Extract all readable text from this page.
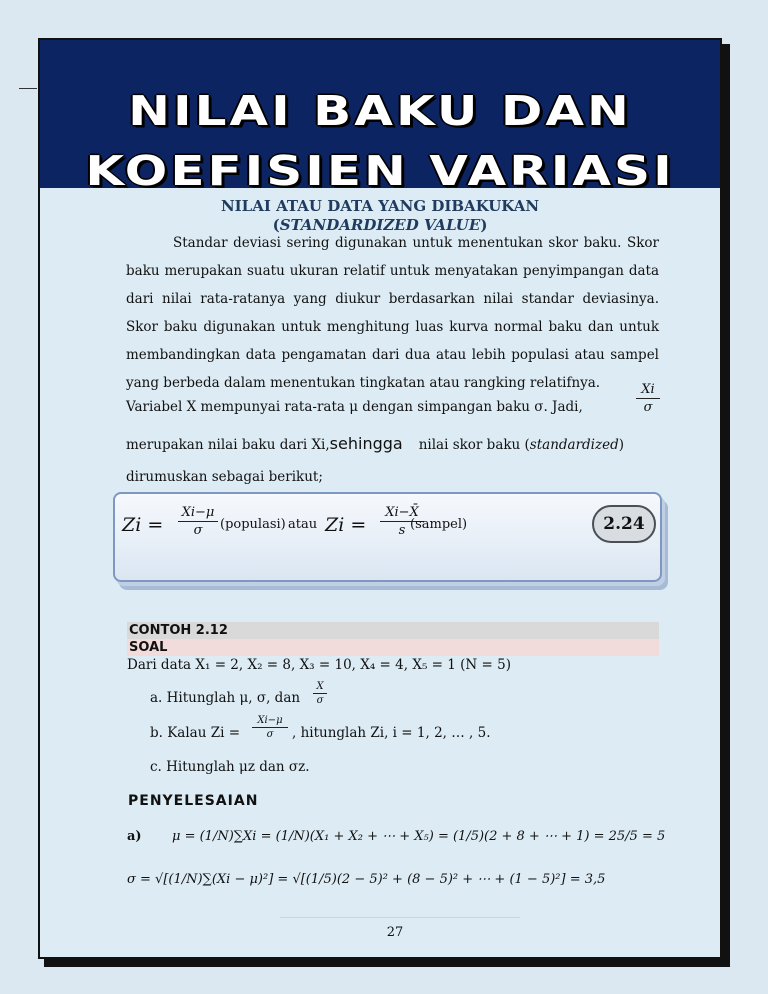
NILAI BAKU DAN
KOEFISIEN VARIASI
NILAI ATAU DATA YANG DIBAKUKAN
(STANDARDIZED VALUE)
Standar deviasi sering digunakan untuk menentukan skor baku. Skor baku merupakan suatu ukuran relatif untuk menyatakan penyimpangan data dari nilai rata-ratanya yang diukur berdasarkan nilai standar deviasinya. Skor baku digunakan untuk menghitung luas kurva normal baku dan untuk membandingkan data pengamatan dari dua atau lebih populasi atau sampel yang berbeda dalam menentukan tingkatan atau rangking relatifnya.
Variabel X mempunyai rata-rata μ dengan simpangan baku σ. Jadi,
Xi
σ
merupakan nilai baku dari Xi,sehingga nilai skor baku (standardized)
dirumuskan sebagai berikut;
Zi =
Xi−μ
σ	(populasi) atau Zi =
Xi−X̄
s (sampel)	2.24
CONTOH 2.12
SOAL
Dari data X₁ = 2, X₂ = 8, X₃ = 10, X₄ = 4, X₅ = 1 (N = 5)
a. Hitunglah μ, σ, dan
X
σ
b. Kalau Zi =
Xi−μ
σ	, hitunglah Zi, i = 1, 2, … , 5.
c. Hitunglah μz dan σz.
PENYELESAIAN
a) μ = (1/N)∑Xi = (1/N)(X₁ + X₂ + ⋯ + X₅) = (1/5)(2 + 8 + ⋯ + 1) = 25/5 = 5
σ = √[(1/N)∑(Xi − μ)²] = √[(1/5)(2 − 5)² + (8 − 5)² + ⋯ + (1 − 5)²] = 3,5
27
